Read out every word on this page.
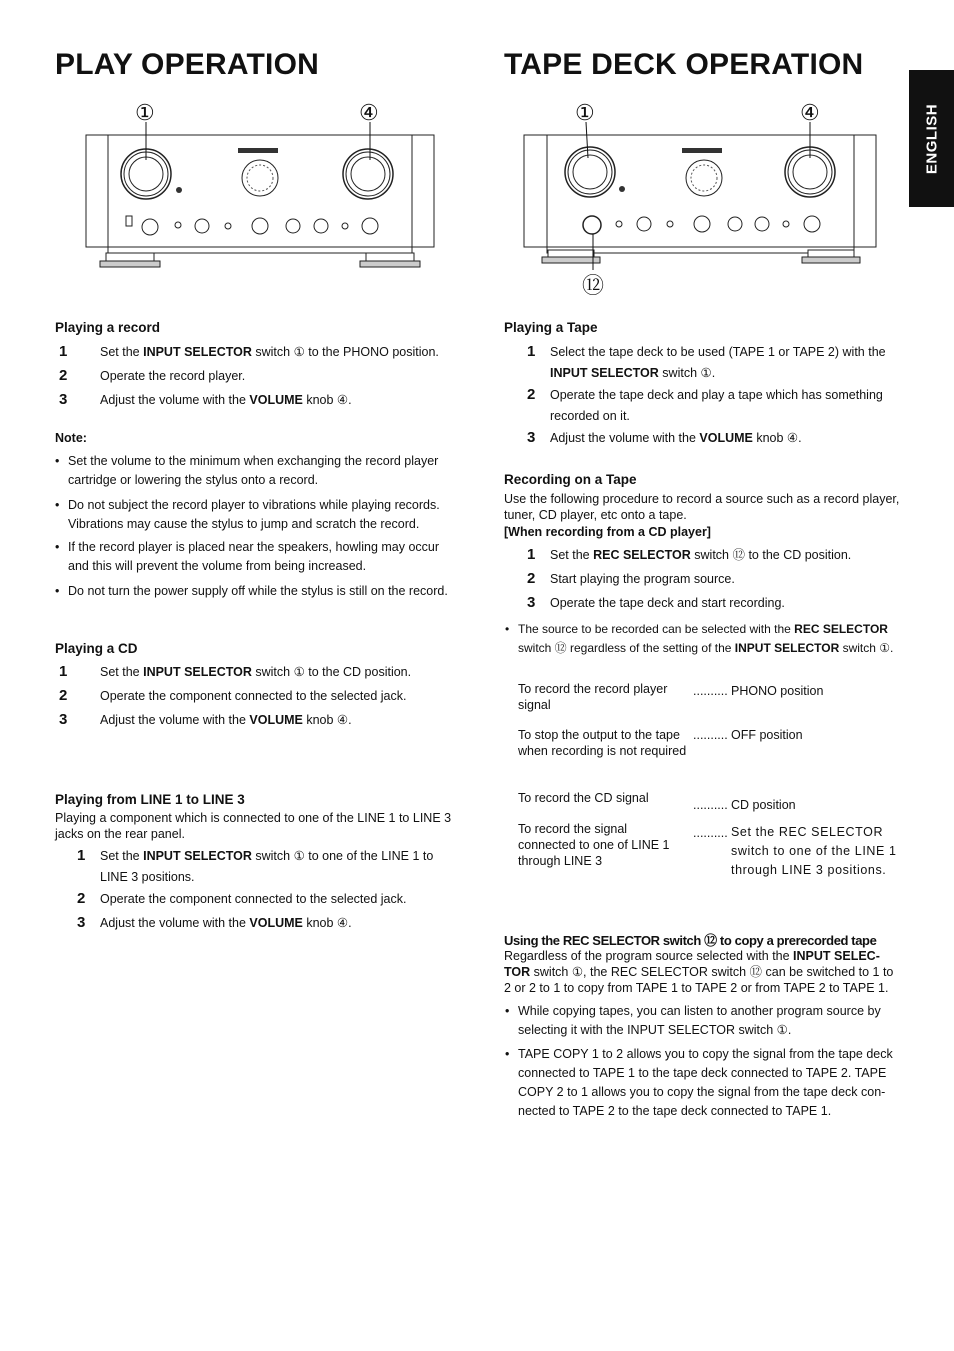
PLAY OPERATION	TAPE DECK OPERATION
ENGLISH
①	④	①	④
⑫
Playing a record
1	Set the INPUT SELECTOR switch ① to the PHONO position.
2	Operate the record player.
3	Adjust the volume with the VOLUME knob ④.
Note:
• Set the volume to the minimum when exchanging the record player cartridge or lowering the stylus onto a record.
• Do not subject the record player to vibrations while playing records. Vibrations may cause the stylus to jump and scratch the record.
• If the record player is placed near the speakers, howling may occur and this will prevent the volume from being increased.
• Do not turn the power supply off while the stylus is still on the record.
Playing a CD
1	Set the INPUT SELECTOR switch ① to the CD position.
2	Operate the component connected to the selected jack.
3	Adjust the volume with the VOLUME knob ④.
Playing from LINE 1 to LINE 3
Playing a component which is connected to one of the LINE 1 to LINE 3 jacks on the rear panel.
1 Set the INPUT SELECTOR switch ① to one of the LINE 1 to LINE 3 positions.
2 Operate the component connected to the selected jack.
3 Adjust the volume with the VOLUME knob ④.
Playing a Tape
1 Select the tape deck to be used (TAPE 1 or TAPE 2) with the INPUT SELECTOR switch ①.
2 Operate the tape deck and play a tape which has something recorded on it.
3 Adjust the volume with the VOLUME knob ④.
Recording on a Tape
Use the following procedure to record a source such as a record player, tuner, CD player, etc onto a tape.
[When recording from a CD player]
1 Set the REC SELECTOR switch ⑫ to the CD position.
2 Start playing the program source.
3 Operate the tape deck and start recording.
• The source to be recorded can be selected with the REC SELECTOR switch ⑫ regardless of the setting of the INPUT SELECTOR switch ①.
To record the record player signal
.......... PHONO position
To stop the output to the tape when recording is not required
.......... OFF position
To record the CD signal	.......... CD position
To record the signal connected to one of LINE 1 through LINE 3
.......... Set the REC SELECTOR switch to one of the LINE 1 through LINE 3 positions.
Using the REC SELECTOR switch ⑫ to copy a prerecorded tape
Regardless of the program source selected with the INPUT SELEC-TOR switch ①, the REC SELECTOR switch ⑫ can be switched to 1 to 2 or 2 to 1 to copy from TAPE 1 to TAPE 2 or from TAPE 2 to TAPE 1.
• While copying tapes, you can listen to another program source by selecting it with the INPUT SELECTOR switch ①.
• TAPE COPY 1 to 2 allows you to copy the signal from the tape deck connected to TAPE 1 to the tape deck connected to TAPE 2. TAPE COPY 2 to 1 allows you to copy the signal from the tape deck con-nected to TAPE 2 to the tape deck connected to TAPE 1.
